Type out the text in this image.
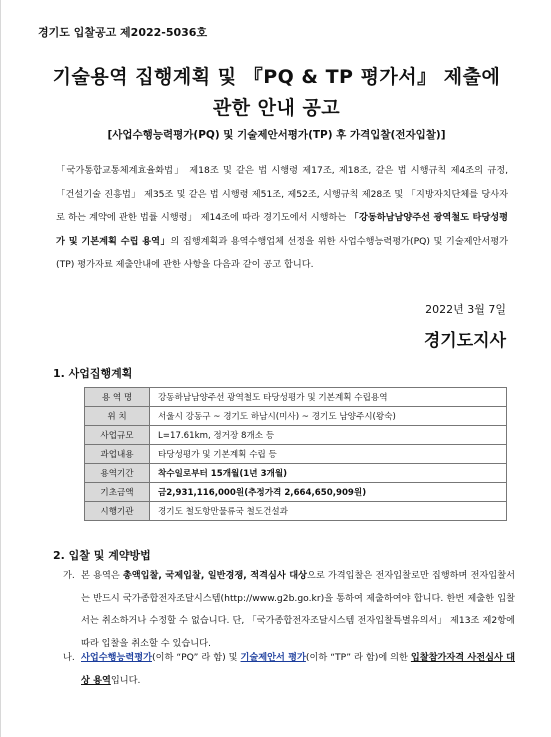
경기도 입찰공고 제2022-5036호
기술용역 집행계획 및 『PQ & TP 평가서』 제출에
관한 안내 공고
[사업수행능력평가(PQ) 및 기술제안서평가(TP) 후 가격입찰(전자입찰)]
「국가통합교통체계효율화법」 제18조 및 같은 법 시행령 제17조, 제18조, 같은 법 시행규칙 제4조의 규정, 「건설기술 진흥법」 제35조 및 같은 법 시행령 제51조, 제52조, 시행규칙 제28조 및 「지방자치단체를 당사자로 하는 계약에 관한 법률 시행령」 제14조에 따라 경기도에서 시행하는 「강동하남남양주선 광역철도 타당성평가 및 기본계획 수립 용역」의 집행계획과 용역수행업체 선정을 위한 사업수행능력평가(PQ) 및 기술제안서평가(TP) 평가자료 제출안내에 관한 사항을 다음과 같이 공고 합니다.
2022년 3월 7일
경기도지사
1. 사업집행계획
용 역 명	강동하남남양주선 광역철도 타당성평가 및 기본계획 수립용역
위 치	서울시 강동구 ~ 경기도 하남시(미사) ~ 경기도 남양주시(왕숙)
사업규모	L=17.61km, 정거장 8개소 등
과업내용	타당성평가 및 기본계획 수립 등
용역기간	착수일로부터 15개월(1년 3개월)
기초금액	금2,931,116,000원(추정가격 2,664,650,909원)
시행기관	경기도 철도항만물류국 철도건설과
2. 입찰 및 계약방법
가. 본 용역은 총액입찰, 국제입찰, 일반경쟁, 적격심사 대상으로 가격입찰은 전자입찰로만 집행하며 전자입찰서는 반드시 국가종합전자조달시스템(http://www.g2b.go.kr)을 통하여 제출하여야 합니다. 한번 제출한 입찰서는 취소하거나 수정할 수 없습니다. 단, 「국가종합전자조달시스템 전자입찰특별유의서」 제13조 제2항에 따라 입찰을 취소할 수 있습니다.
나. 사업수행능력평가(이하 “PQ” 라 함) 및 기술제안서 평가(이하 “TP” 라 함)에 의한 입찰참가자격 사전심사 대상 용역입니다.
